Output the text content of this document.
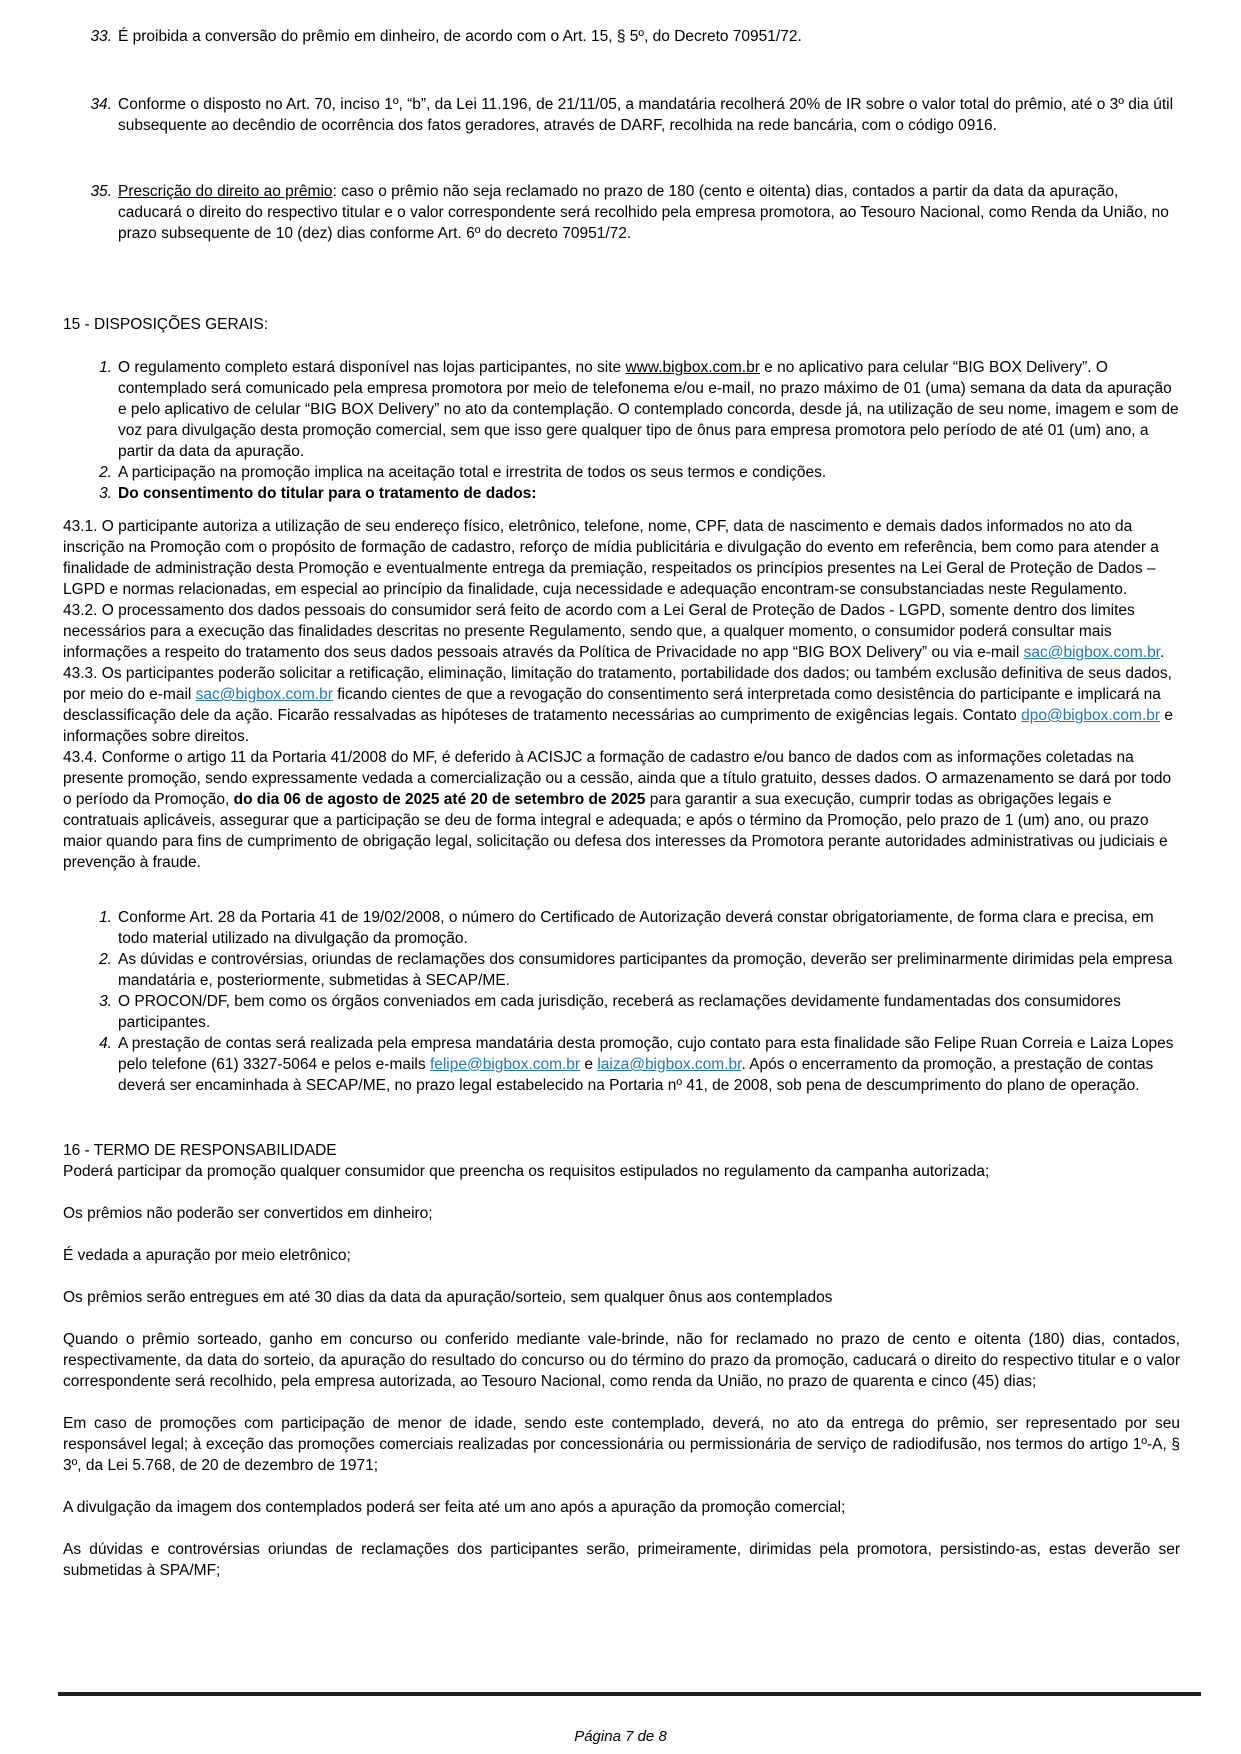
33. É proibida a conversão do prêmio em dinheiro, de acordo com o Art. 15, § 5º, do Decreto 70951/72.
34. Conforme o disposto no Art. 70, inciso 1º, “b”, da Lei 11.196, de 21/11/05, a mandatária recolherá 20% de IR sobre o valor total do prêmio, até o 3º dia útil subsequente ao decêndio de ocorrência dos fatos geradores, através de DARF, recolhida na rede bancária, com o código 0916.
35. Prescrição do direito ao prêmio: caso o prêmio não seja reclamado no prazo de 180 (cento e oitenta) dias, contados a partir da data da apuração, caducará o direito do respectivo titular e o valor correspondente será recolhido pela empresa promotora, ao Tesouro Nacional, como Renda da União, no prazo subsequente de 10 (dez) dias conforme Art. 6º do decreto 70951/72.
15 - DISPOSIÇÕES GERAIS:
1. O regulamento completo estará disponível nas lojas participantes, no site www.bigbox.com.br e no aplicativo para celular “BIG BOX Delivery”. O contemplado será comunicado pela empresa promotora por meio de telefonema e/ou e-mail, no prazo máximo de 01 (uma) semana da data da apuração e pelo aplicativo de celular “BIG BOX Delivery” no ato da contemplação. O contemplado concorda, desde já, na utilização de seu nome, imagem e som de voz para divulgação desta promoção comercial, sem que isso gere qualquer tipo de ônus para empresa promotora pelo período de até 01 (um) ano, a partir da data da apuração.
2. A participação na promoção implica na aceitação total e irrestrita de todos os seus termos e condições.
3. Do consentimento do titular para o tratamento de dados:
43.1. O participante autoriza a utilização de seu endereço físico, eletrônico, telefone, nome, CPF, data de nascimento e demais dados informados no ato da inscrição na Promoção com o propósito de formação de cadastro, reforço de mídia publicitária e divulgação do evento em referência, bem como para atender a finalidade de administração desta Promoção e eventualmente entrega da premiação, respeitados os princípios presentes na Lei Geral de Proteção de Dados – LGPD e normas relacionadas, em especial ao princípio da finalidade, cuja necessidade e adequação encontram-se consubstanciadas neste Regulamento.
43.2. O processamento dos dados pessoais do consumidor será feito de acordo com a Lei Geral de Proteção de Dados - LGPD, somente dentro dos limites necessários para a execução das finalidades descritas no presente Regulamento, sendo que, a qualquer momento, o consumidor poderá consultar mais informações a respeito do tratamento dos seus dados pessoais através da Política de Privacidade no app “BIG BOX Delivery” ou via e-mail sac@bigbox.com.br.
43.3. Os participantes poderão solicitar a retificação, eliminação, limitação do tratamento, portabilidade dos dados; ou também exclusão definitiva de seus dados, por meio do e-mail sac@bigbox.com.br ficando cientes de que a revogação do consentimento será interpretada como desistência do participante e implicará na desclassificação dele da ação. Ficarão ressalvadas as hipóteses de tratamento necessárias ao cumprimento de exigências legais. Contato dpo@bigbox.com.br e informações sobre direitos.
43.4. Conforme o artigo 11 da Portaria 41/2008 do MF, é deferido à ACISJC a formação de cadastro e/ou banco de dados com as informações coletadas na presente promoção, sendo expressamente vedada a comercialização ou a cessão, ainda que a título gratuito, desses dados. O armazenamento se dará por todo o período da Promoção, do dia 06 de agosto de 2025 até 20 de setembro de 2025 para garantir a sua execução, cumprir todas as obrigações legais e contratuais aplicáveis, assegurar que a participação se deu de forma integral e adequada; e após o término da Promoção, pelo prazo de 1 (um) ano, ou prazo maior quando para fins de cumprimento de obrigação legal, solicitação ou defesa dos interesses da Promotora perante autoridades administrativas ou judiciais e prevenção à fraude.
1. Conforme Art. 28 da Portaria 41 de 19/02/2008, o número do Certificado de Autorização deverá constar obrigatoriamente, de forma clara e precisa, em todo material utilizado na divulgação da promoção.
2. As dúvidas e controvérsias, oriundas de reclamações dos consumidores participantes da promoção, deverão ser preliminarmente dirimidas pela empresa mandatária e, posteriormente, submetidas à SECAP/ME.
3. O PROCON/DF, bem como os órgãos conveniados em cada jurisdição, receberá as reclamações devidamente fundamentadas dos consumidores participantes.
4. A prestação de contas será realizada pela empresa mandatária desta promoção, cujo contato para esta finalidade são Felipe Ruan Correia e Laiza Lopes pelo telefone (61) 3327-5064 e pelos e-mails felipe@bigbox.com.br e laiza@bigbox.com.br. Após o encerramento da promoção, a prestação de contas deverá ser encaminhada à SECAP/ME, no prazo legal estabelecido na Portaria nº 41, de 2008, sob pena de descumprimento do plano de operação.
16 - TERMO DE RESPONSABILIDADE

Poderá participar da promoção qualquer consumidor que preencha os requisitos estipulados no regulamento da campanha autorizada;

Os prêmios não poderão ser convertidos em dinheiro;

É vedada a apuração por meio eletrônico;

Os prêmios serão entregues em até 30 dias da data da apuração/sorteio, sem qualquer ônus aos contemplados

Quando o prêmio sorteado, ganho em concurso ou conferido mediante vale-brinde, não for reclamado no prazo de cento e oitenta (180) dias, contados, respectivamente, da data do sorteio, da apuração do resultado do concurso ou do término do prazo da promoção, caducará o direito do respectivo titular e o valor correspondente será recolhido, pela empresa autorizada, ao Tesouro Nacional, como renda da União, no prazo de quarenta e cinco (45) dias;

Em caso de promoções com participação de menor de idade, sendo este contemplado, deverá, no ato da entrega do prêmio, ser representado por seu responsável legal; à exceção das promoções comerciais realizadas por concessionária ou permissionária de serviço de radiodifusão, nos termos do artigo 1º-A, § 3º, da Lei 5.768, de 20 de dezembro de 1971;

A divulgação da imagem dos contemplados poderá ser feita até um ano após a apuração da promoção comercial;

As dúvidas e controvérsias oriundas de reclamações dos participantes serão, primeiramente, dirimidas pela promotora, persistindo-as, estas deverão ser submetidas à SPA/MF;

Página 7 de 8
